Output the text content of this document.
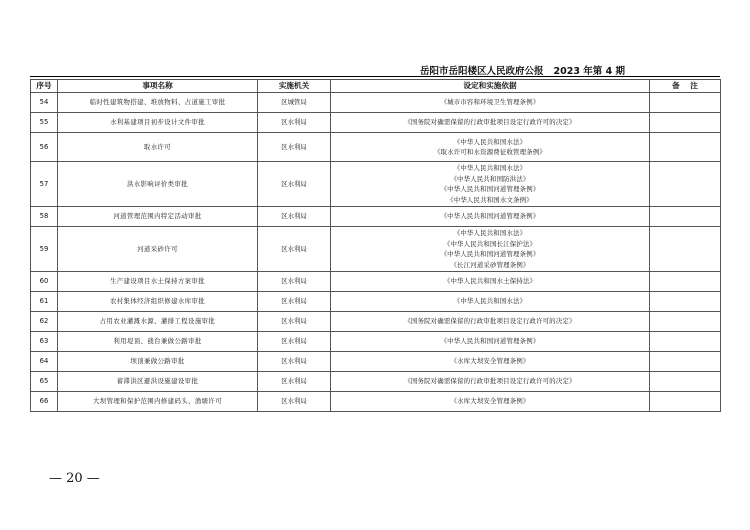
岳阳市岳阳楼区人民政府公报 2023 年第 4 期
序号	事项名称	实施机关	设定和实施依据	备    注
54	临时性建筑物搭建、堆放物料、占道施工审批	区城管局	《城市市容和环境卫生管理条例》	

55	水利基建项目初步设计文件审批	区水利局	《国务院对确需保留的行政审批项目设定行政许可的决定》	

56	取水许可	区水利局	《中华人民共和国水法》
《取水许可和水资源费征收管理条例》	

57	洪水影响评价类审批	区水利局	《中华人民共和国水法》
《中华人民共和国防洪法》
《中华人民共和国河道管理条例》
《中华人民共和国水文条例》	

58	河道管理范围内特定活动审批	区水利局	《中华人民共和国河道管理条例》	

59	河道采砂许可	区水利局	《中华人民共和国水法》
《中华人民共和国长江保护法》
《中华人民共和国河道管理条例》
《长江河道采砂管理条例》	

60	生产建设项目水土保持方案审批	区水利局	《中华人民共和国水土保持法》	

61	农村集体经济组织修建水库审批	区水利局	《中华人民共和国水法》	

62	占用农业灌溉水源、灌排工程设施审批	区水利局	《国务院对确需保留的行政审批项目设定行政许可的决定》	

63	利用堤顶、戗台兼做公路审批	区水利局	《中华人民共和国河道管理条例》	

64	坝顶兼做公路审批	区水利局	《水库大坝安全管理条例》	

65	蓄滞洪区避洪设施建设审批	区水利局	《国务院对确需保留的行政审批项目设定行政许可的决定》	

66	大坝管理和保护范围内修建码头、渔塘许可	区水利局	《水库大坝安全管理条例》	

— 20 —
